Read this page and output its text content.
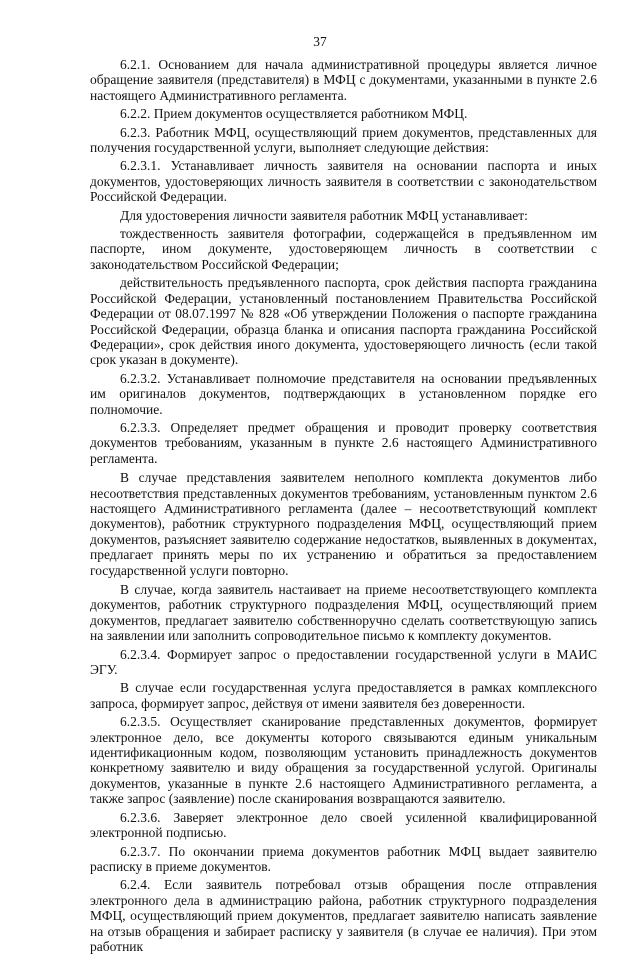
37

6.2.1. Основанием для начала административной процедуры является личное обращение заявителя (представителя) в МФЦ с документами, указанными в пункте 2.6 настоящего Административного регламента.

6.2.2. Прием документов осуществляется работником МФЦ.

6.2.3. Работник МФЦ, осуществляющий прием документов, представленных для получения государственной услуги, выполняет следующие действия:

6.2.3.1. Устанавливает личность заявителя на основании паспорта и иных документов, удостоверяющих личность заявителя в соответствии с законодательством Российской Федерации.

Для удостоверения личности заявителя работник МФЦ устанавливает:

тождественность заявителя фотографии, содержащейся в предъявленном им паспорте, ином документе, удостоверяющем личность в соответствии с законодательством Российской Федерации;

действительность предъявленного паспорта, срок действия паспорта гражданина Российской Федерации, установленный постановлением Правительства Российской Федерации от 08.07.1997 № 828 «Об утверждении Положения о паспорте гражданина Российской Федерации, образца бланка и описания паспорта гражданина Российской Федерации», срок действия иного документа, удостоверяющего личность (если такой срок указан в документе).

6.2.3.2. Устанавливает полномочие представителя на основании предъявленных им оригиналов документов, подтверждающих в установленном порядке его полномочие.

6.2.3.3. Определяет предмет обращения и проводит проверку соответствия документов требованиям, указанным в пункте 2.6 настоящего Административного регламента.

В случае представления заявителем неполного комплекта документов либо несоответствия представленных документов требованиям, установленным пунктом 2.6 настоящего Административного регламента (далее – несоответствующий комплект документов), работник структурного подразделения МФЦ, осуществляющий прием документов, разъясняет заявителю содержание недостатков, выявленных в документах, предлагает принять меры по их устранению и обратиться за предоставлением государственной услуги повторно.

В случае, когда заявитель настаивает на приеме несоответствующего комплекта документов, работник структурного подразделения МФЦ, осуществляющий прием документов, предлагает заявителю собственноручно сделать соответствующую запись на заявлении или заполнить сопроводительное письмо к комплекту документов.

6.2.3.4. Формирует запрос о предоставлении государственной услуги в МАИС ЭГУ.

В случае если государственная услуга предоставляется в рамках комплексного запроса, формирует запрос, действуя от имени заявителя без доверенности.

6.2.3.5. Осуществляет сканирование представленных документов, формирует электронное дело, все документы которого связываются единым уникальным идентификационным кодом, позволяющим установить принадлежность документов конкретному заявителю и виду обращения за государственной услугой. Оригиналы документов, указанные в пункте 2.6 настоящего Административного регламента, а также запрос (заявление) после сканирования возвращаются заявителю.

6.2.3.6. Заверяет электронное дело своей усиленной квалифицированной электронной подписью.

6.2.3.7. По окончании приема документов работник МФЦ выдает заявителю расписку в приеме документов.

6.2.4. Если заявитель потребовал отзыв обращения после отправления электронного дела в администрацию района, работник структурного подразделения МФЦ, осуществляющий прием документов, предлагает заявителю написать заявление на отзыв обращения и забирает расписку у заявителя (в случае ее наличия). При этом работник
